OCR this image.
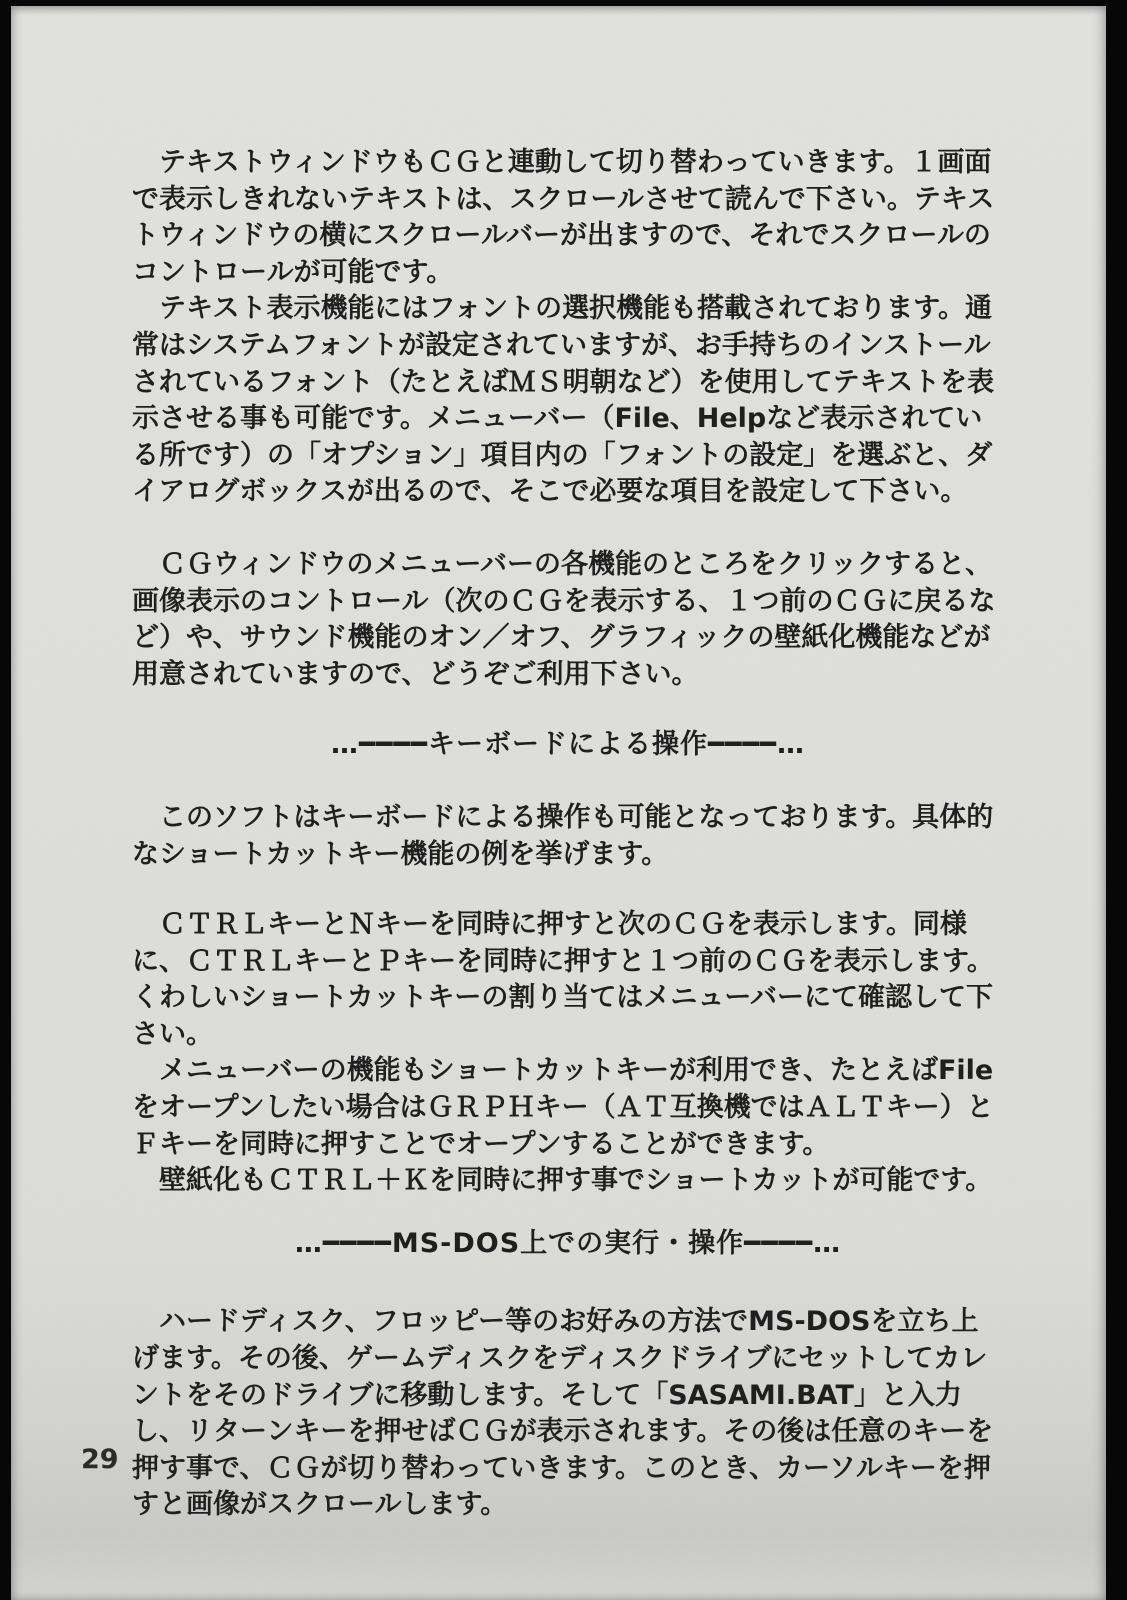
　テキストウィンドウもＣＧと連動して切り替わっていきます。１画面で表示しきれないテキストは、スクロールさせて読んで下さい。テキストウィンドウの横にスクロールバーが出ますので、それでスクロールのコントロールが可能です。

　テキスト表示機能にはフォントの選択機能も搭載されております。通常はシステムフォントが設定されていますが、お手持ちのインストールされているフォント（たとえばＭＳ明朝など）を使用してテキストを表示させる事も可能です。メニューバー（File、Helpなど表示されている所です）の「オプション」項目内の「フォントの設定」を選ぶと、ダイアログボックスが出るので、そこで必要な項目を設定して下さい。

　ＣＧウィンドウのメニューバーの各機能のところをクリックすると、画像表示のコントロール（次のＣＧを表示する、１つ前のＣＧに戻るなど）や、サウンド機能のオン／オフ、グラフィックの壁紙化機能などが用意されていますので、どうぞご利用下さい。

…━━━━キーボードによる操作━━━━…

　このソフトはキーボードによる操作も可能となっております。具体的なショートカットキー機能の例を挙げます。

　ＣＴＲＬキーとＮキーを同時に押すと次のＣＧを表示します。同様に、ＣＴＲＬキーとＰキーを同時に押すと１つ前のＣＧを表示します。くわしいショートカットキーの割り当てはメニューバーにて確認して下さい。

　メニューバーの機能もショートカットキーが利用でき、たとえばFileをオープンしたい場合はＧＲＰＨキー（ＡＴ互換機ではＡＬＴキー）とＦキーを同時に押すことでオープンすることができます。

　壁紙化もＣＴＲＬ＋Ｋを同時に押す事でショートカットが可能です。

…━━━━MS-DOS上での実行・操作━━━━…

　ハードディスク、フロッピー等のお好みの方法でMS-DOSを立ち上げます。その後、ゲームディスクをディスクドライブにセットしてカレントをそのドライブに移動します。そして「SASAMI.BAT」と入力し、リターンキーを押せばＣＧが表示されます。その後は任意のキーを押す事で、ＣＧが切り替わっていきます。このとき、カーソルキーを押すと画像がスクロールします。

29
